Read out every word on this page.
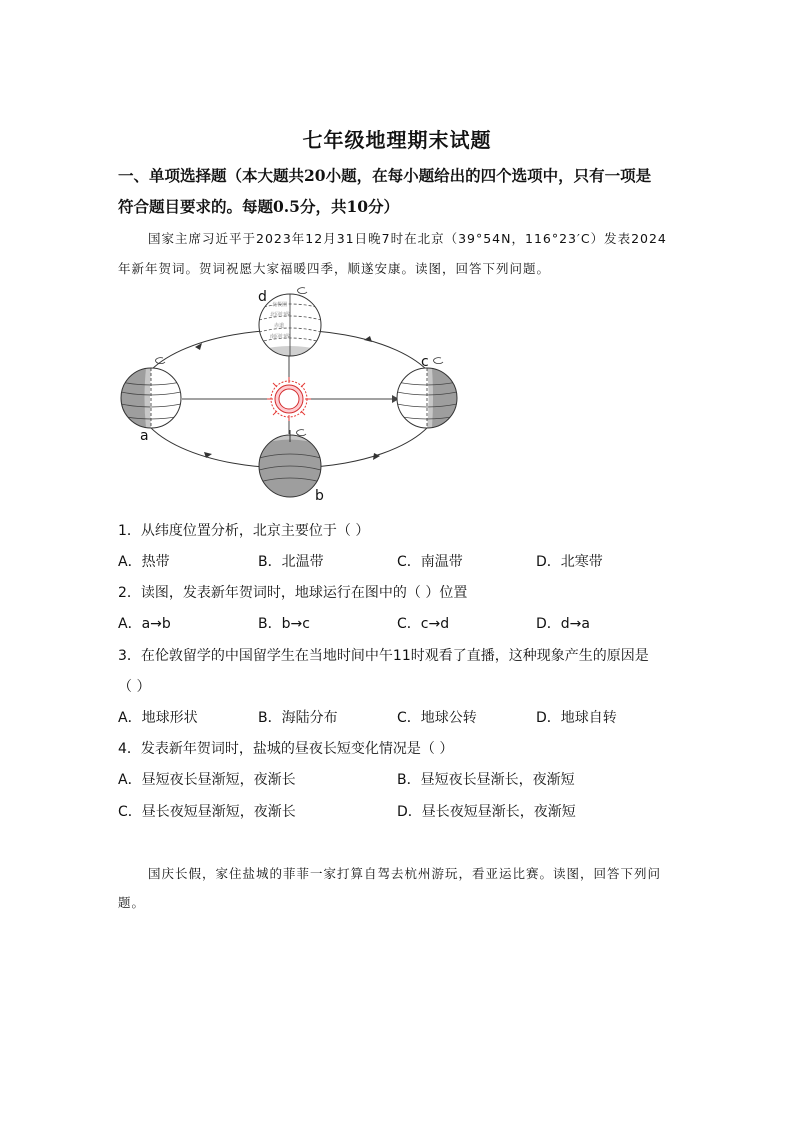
七年级地理期末试题
一、单项选择题（本大题共20小题，在每小题给出的四个选项中，只有一项是
符合题目要求的。每题0.5分，共10分）
国家主席习近平于2023年12月31日晚7时在北京（39°54N，116°23′C）发表2024
年新年贺词。贺词祝愿大家福暖四季，顺遂安康。读图，回答下列问题。
北极圈
北回归线
赤道
南回归线
d
a
b
c
1．从纬度位置分析，北京主要位于（ ）
A．热带	B．北温带	C．南温带	D．北寒带
2．读图，发表新年贺词时，地球运行在图中的（ ）位置
A．a→b	B．b→c	C．c→d	D．d→a
3．在伦敦留学的中国留学生在当地时间中午11时观看了直播，这种现象产生的原因是
（ ）
A．地球形状	B．海陆分布	C．地球公转	D．地球自转
4．发表新年贺词时，盐城的昼夜长短变化情况是（ ）
A．昼短夜长昼渐短，夜渐长	B．昼短夜长昼渐长，夜渐短
C．昼长夜短昼渐短，夜渐长	D．昼长夜短昼渐长，夜渐短
国庆长假，家住盐城的菲菲一家打算自驾去杭州游玩，看亚运比赛。读图，回答下列问
题。
